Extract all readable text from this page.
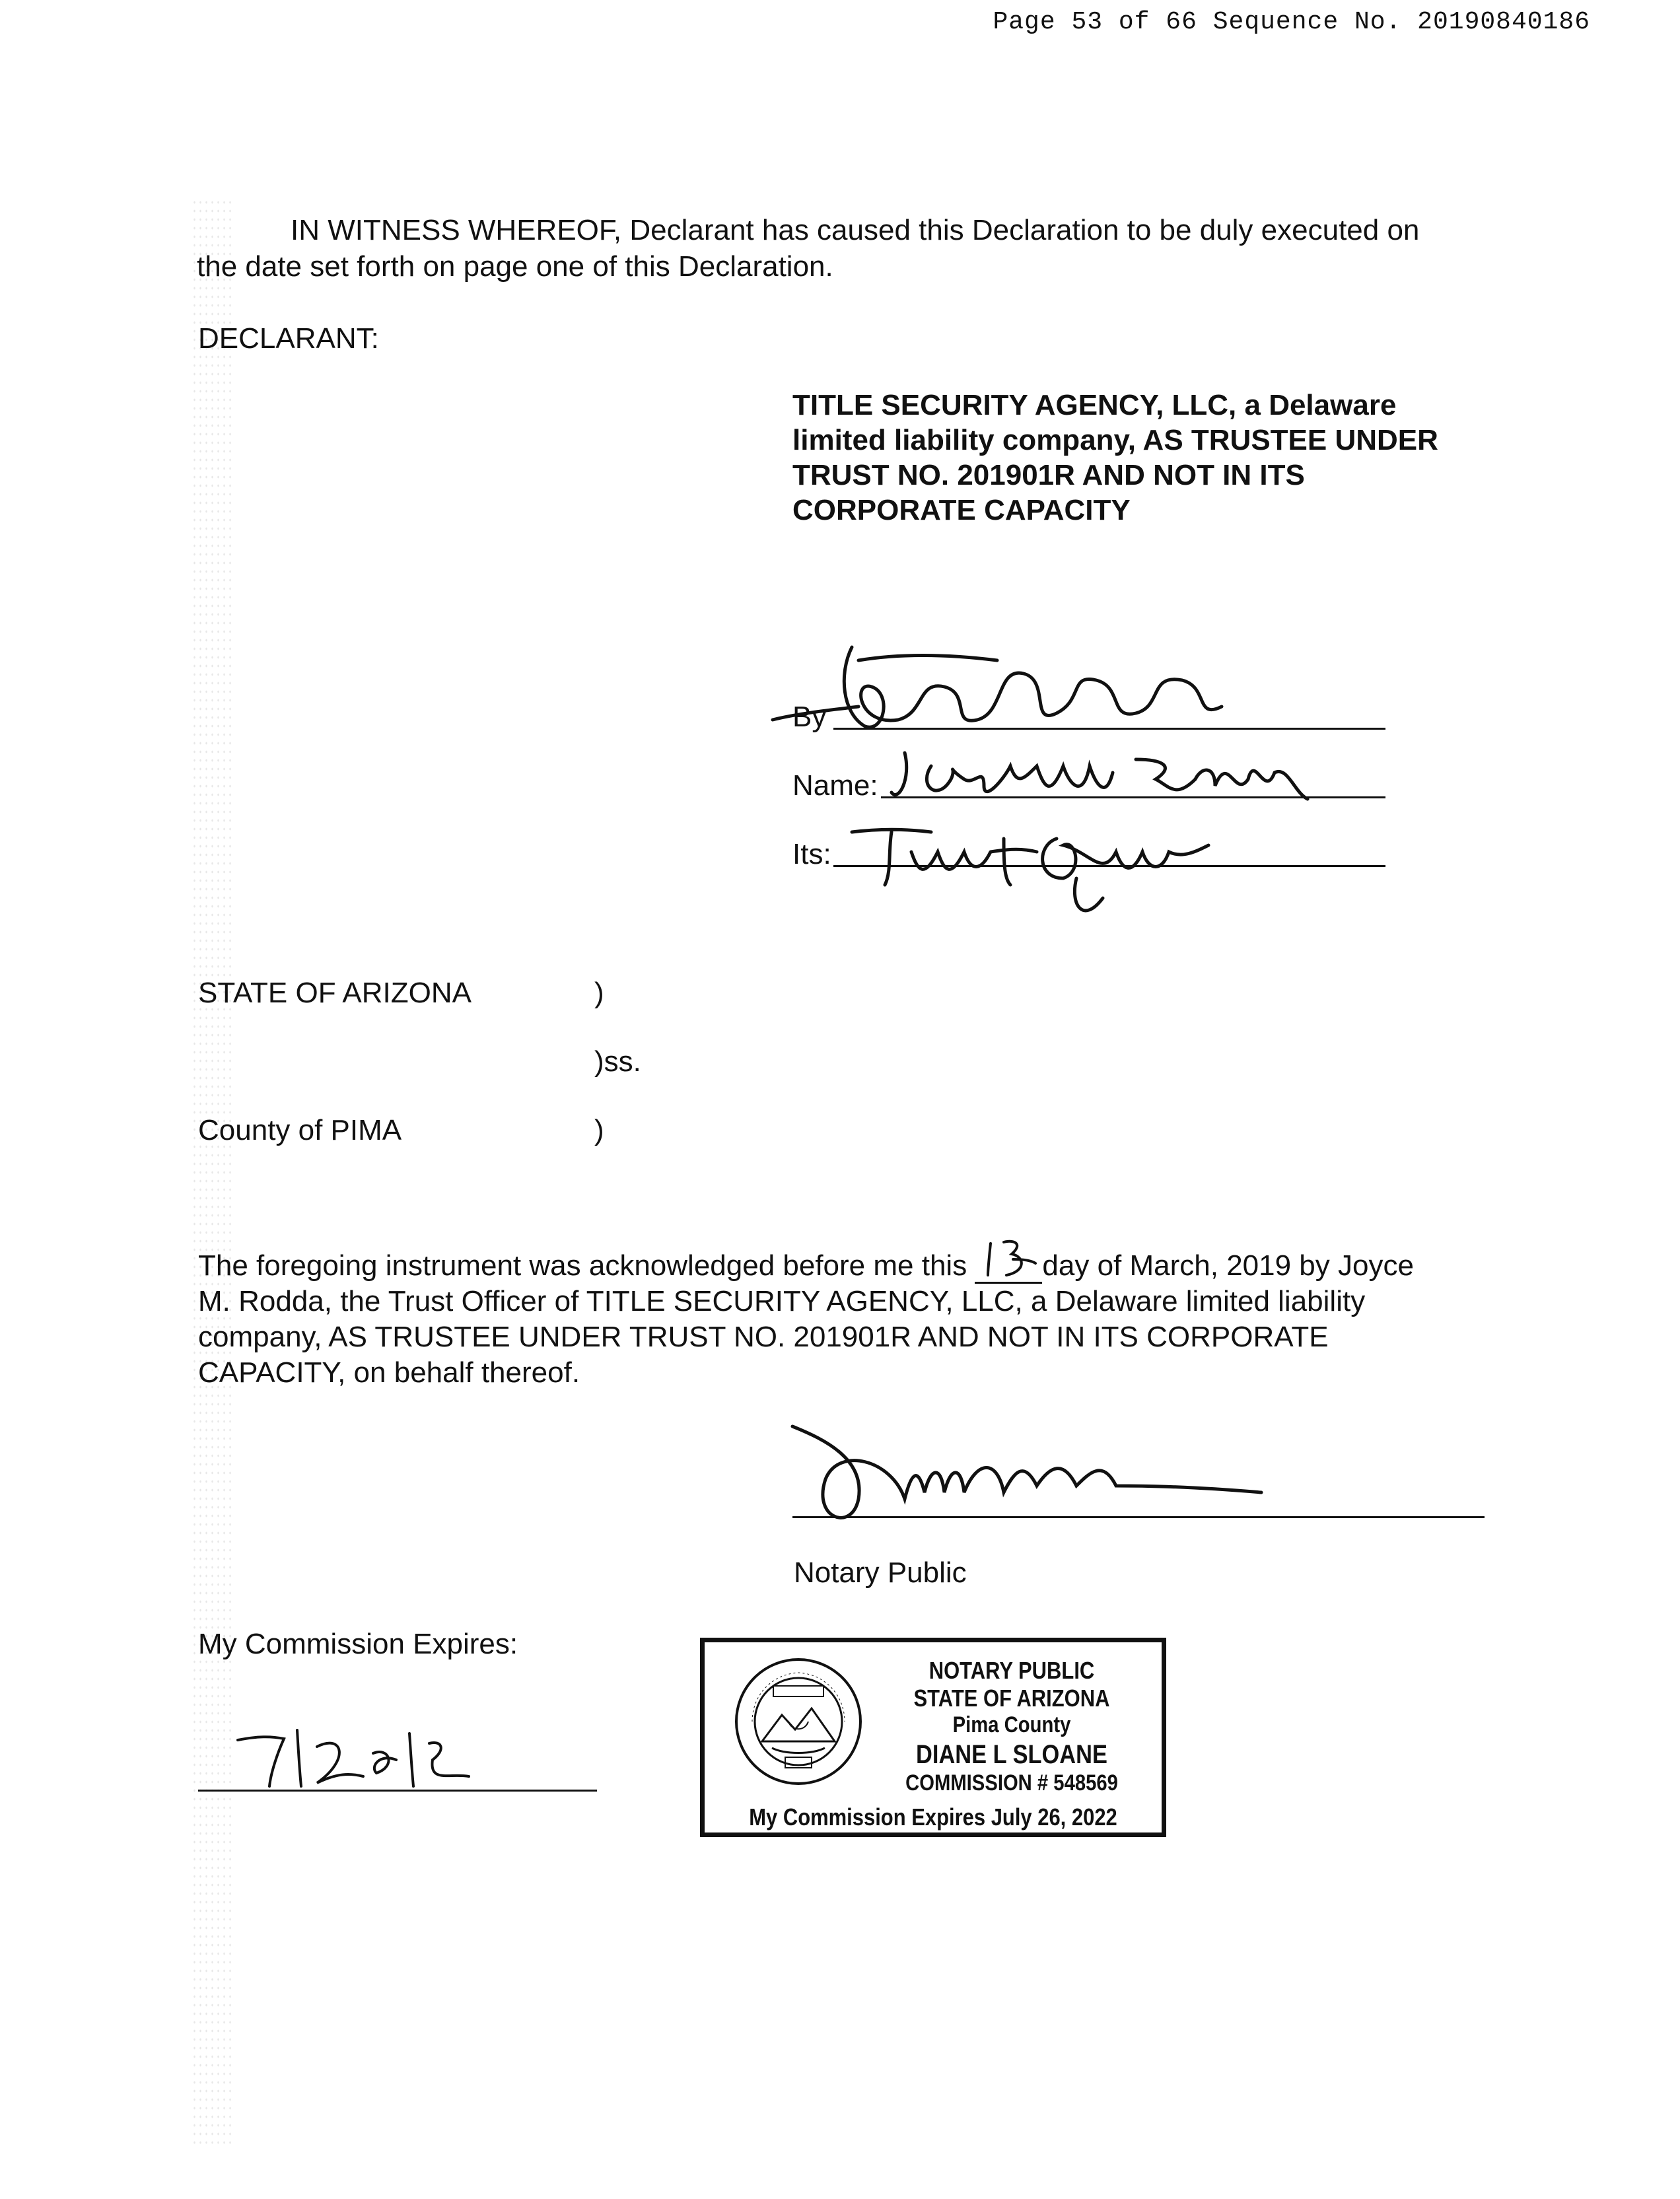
Page 53 of 66 Sequence No. 20190840186
IN WITNESS WHEREOF, Declarant has caused this Declaration to be duly executed on
the date set forth on page one of this Declaration.
DECLARANT:
TITLE SECURITY AGENCY, LLC, a Delaware
limited liability company, AS TRUSTEE UNDER
TRUST NO. 201901R AND NOT IN ITS
CORPORATE CAPACITY
By
Name:
Its:
STATE OF ARIZONA	)
)ss.
County of PIMA	)
The foregoing instrument was acknowledged before me this
day of March, 2019 by Joyce
M. Rodda, the Trust Officer of TITLE SECURITY AGENCY, LLC, a Delaware limited liability
company, AS TRUSTEE UNDER TRUST NO. 201901R AND NOT IN ITS CORPORATE
CAPACITY, on behalf thereof.
Notary Public
My Commission Expires:
NOTARY PUBLIC
STATE OF ARIZONA
Pima County
DIANE L SLOANE
COMMISSION # 548569
My Commission Expires July 26, 2022
